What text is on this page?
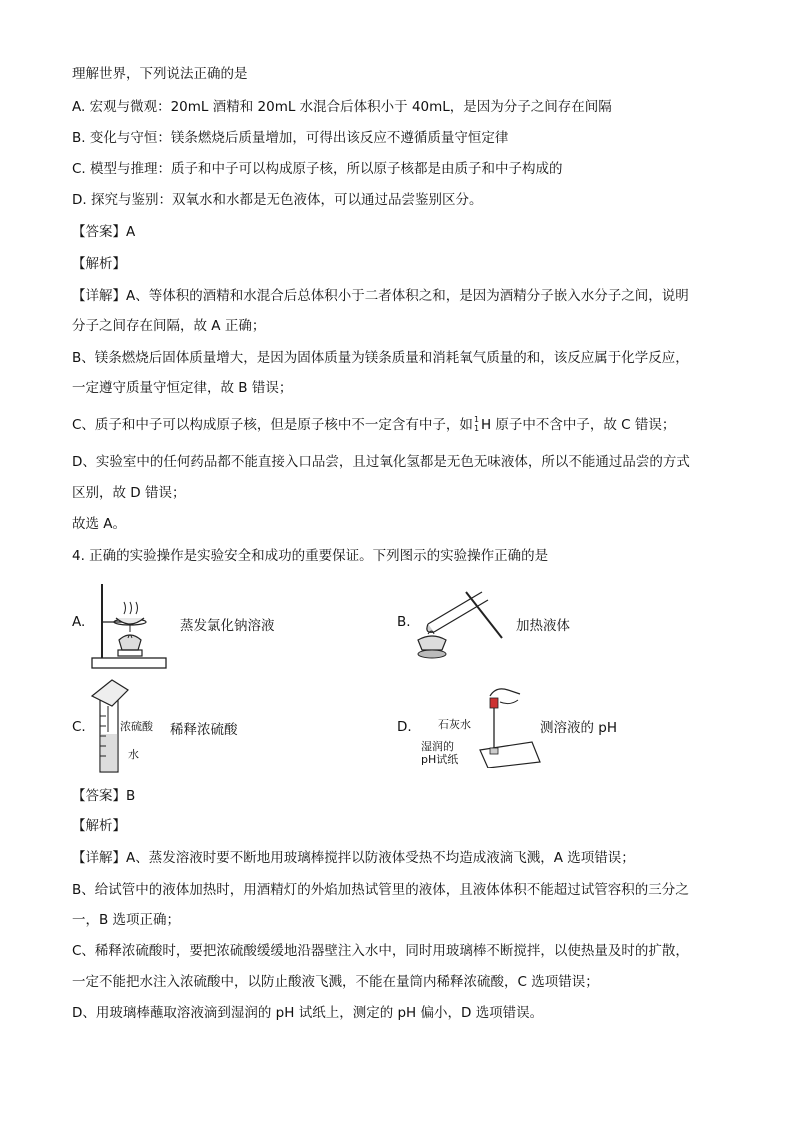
理解世界，下列说法正确的是
A. 宏观与微观：20mL 酒精和 20mL 水混合后体积小于 40mL，是因为分子之间存在间隔
B. 变化与守恒：镁条燃烧后质量增加，可得出该反应不遵循质量守恒定律
C. 模型与推理：质子和中子可以构成原子核，所以原子核都是由质子和中子构成的
D. 探究与鉴别：双氧水和水都是无色液体，可以通过品尝鉴别区分。
【答案】A
【解析】
【详解】A、等体积的酒精和水混合后总体积小于二者体积之和，是因为酒精分子嵌入水分子之间，说明
分子之间存在间隔，故 A 正确；
B、镁条燃烧后固体质量增大，是因为固体质量为镁条质量和消耗氧气质量的和，该反应属于化学反应，
一定遵守质量守恒定律，故 B 错误；
C、质子和中子可以构成原子核，但是原子核中不一定含有中子，如 1
1 H 原子中不含中子，故 C 错误；
D、实验室中的任何药品都不能直接入口品尝，且过氧化氢都是无色无味液体，所以不能通过品尝的方式
区别，故 D 错误；
故选 A。
4. 正确的实验操作是实验安全和成功的重要保证。下列图示的实验操作正确的是
A.	蒸发氯化钠溶液	B.	加热液体
C.	浓硫酸
水
稀释浓硫酸	D. 石灰水
湿润的
pH试纸
测溶液的 pH
【答案】B
【解析】
【详解】A、蒸发溶液时要不断地用玻璃棒搅拌以防液体受热不均造成液滴飞溅，A 选项错误；
B、给试管中的液体加热时，用酒精灯的外焰加热试管里的液体，且液体体积不能超过试管容积的三分之
一，B 选项正确；
C、稀释浓硫酸时，要把浓硫酸缓缓地沿器壁注入水中，同时用玻璃棒不断搅拌，以使热量及时的扩散，
一定不能把水注入浓硫酸中，以防止酸液飞溅，不能在量筒内稀释浓硫酸，C 选项错误；
D、用玻璃棒蘸取溶液滴到湿润的 pH 试纸上，测定的 pH 偏小，D 选项错误。
